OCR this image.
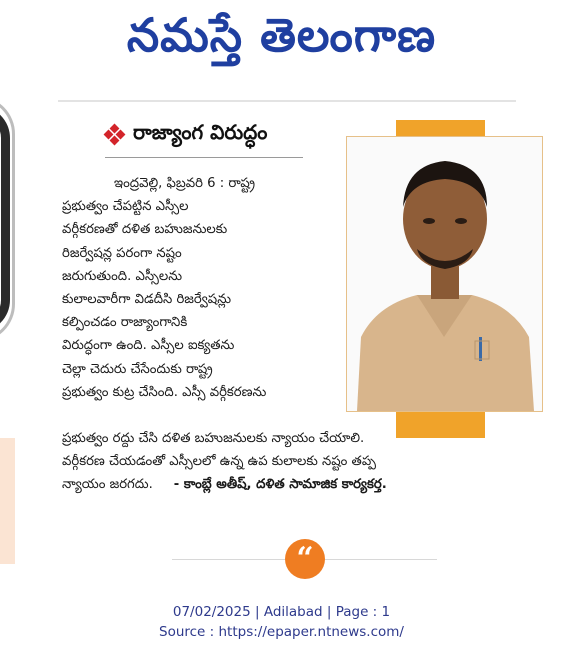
నమస్తే తెలంగాణ
రాజ్యాంగ విరుద్ధం

ఇంద్రవెల్లి, ఫిబ్రవరి 6 : రాష్ట్ర

ప్రభుత్వం చేపట్టిన ఎస్సీల

వర్గీకరణతో దళిత బహుజనులకు

రిజర్వేషన్ల పరంగా నష్టం

జరుగుతుంది. ఎస్సీలను

కులాలవారీగా విడదీసి రిజర్వేషన్లు

కల్పించడం రాజ్యాంగానికి

విరుద్ధంగా ఉంది. ఎస్సీల ఐక్యతను

చెల్లా చెదురు చేసేందుకు రాష్ట్ర

ప్రభుత్వం కుట్ర చేసింది. ఎస్సీ వర్గీకరణను

ప్రభుత్వం రద్దు చేసి దళిత బహుజనులకు న్యాయం చేయాలి.

వర్గీకరణ చేయడంతో ఎస్సీలలో ఉన్న ఉప కులాలకు నష్టం తప్ప

న్యాయం జరగదు. - కాంబ్లే అతీష్, దళిత సామాజిక కార్యకర్త.

“
07/02/2025 | Adilabad | Page : 1
Source : https://epaper.ntnews.com/
